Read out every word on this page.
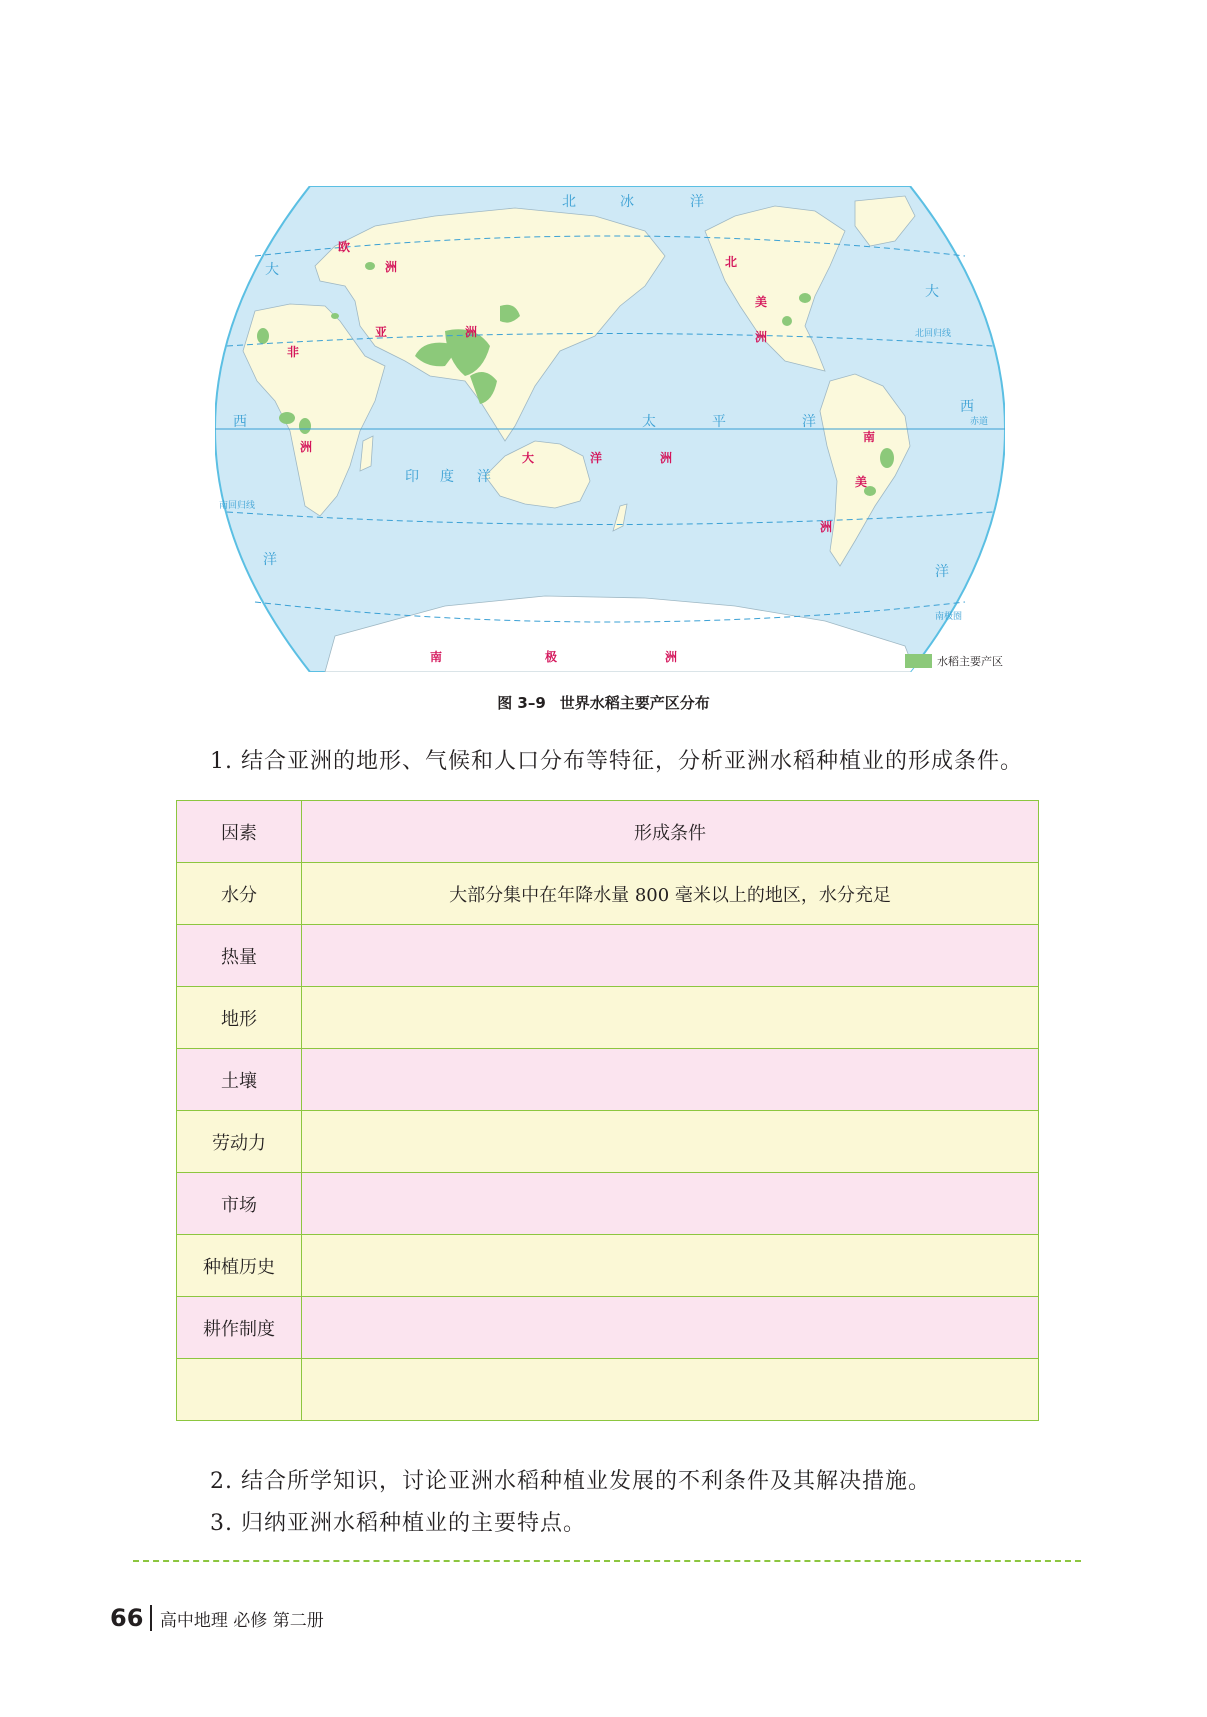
北回归线
赤道
南回归线
南极圈
北	冰	洋
大
西
洋
大
西
洋
太	平	洋
印 度 洋
欧
洲
亚	洲
非
洲
北
美
洲
南
美
洲
大	洋	洲
南	极	洲	水稻主要产区
图 3–9 世界水稻主要产区分布
1. 结合亚洲的地形、气候和人口分布等特征，分析亚洲水稻种植业的形成条件。
因素	形成条件
水分	大部分集中在年降水量 800 毫米以上的地区，水分充足
热量	
地形	
土壤	
劳动力	
市场	
种植历史	
耕作制度	

2. 结合所学知识，讨论亚洲水稻种植业发展的不利条件及其解决措施。
3. 归纳亚洲水稻种植业的主要特点。
66 高中地理 必修 第二册
